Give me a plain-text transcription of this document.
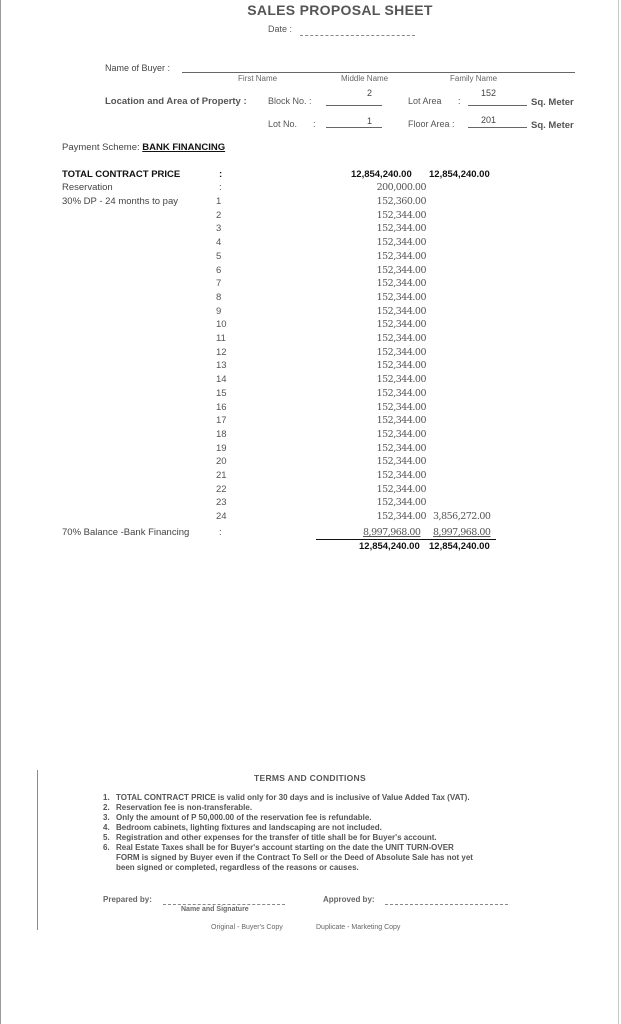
SALES PROPOSAL SHEET
Date :
Name of Buyer :
First Name	Middle Name	Family Name
Location and Area of Property : Block No. :
2
Lot Area :
152
Sq. Meter
Lot No. :	1	Floor Area :	201	Sq. Meter
Payment Scheme: BANK FINANCING
TOTAL CONTRACT PRICE	:	12,854,240.00 12,854,240.00
Reservation	:	200,000.00
30% DP - 24 months to pay	1	152,360.00
2	152,344.00
3	152,344.00
4	152,344.00
5	152,344.00
6	152,344.00
7	152,344.00
8	152,344.00
9	152,344.00
10	152,344.00
11	152,344.00
12	152,344.00
13	152,344.00
14	152,344.00
15	152,344.00
16	152,344.00
17	152,344.00
18	152,344.00
19	152,344.00
20	152,344.00
21	152,344.00
22	152,344.00
23	152,344.00
24	152,344.00 3,856,272.00
70% Balance -Bank Financing	:	8,997,968.00 8,997,968.00
12,854,240.00 12,854,240.00
TERMS AND CONDITIONS
1. TOTAL CONTRACT PRICE is valid only for 30 days and is inclusive of Value Added Tax (VAT).
2. Reservation fee is non-transferable.
3. Only the amount of P 50,000.00 of the reservation fee is refundable.
4. Bedroom cabinets, lighting fixtures and landscaping are not included.
5. Registration and other expenses for the transfer of title shall be for Buyer's account.
6. Real Estate Taxes shall be for Buyer's account starting on the date the UNIT TURN-OVER
FORM is signed by Buyer even if the Contract To Sell or the Deed of Absolute Sale has not yet
been signed or completed, regardless of the reasons or causes.
Prepared by:
Name and Signature
Approved by:
Original - Buyer's Copy	Duplicate - Marketing Copy
